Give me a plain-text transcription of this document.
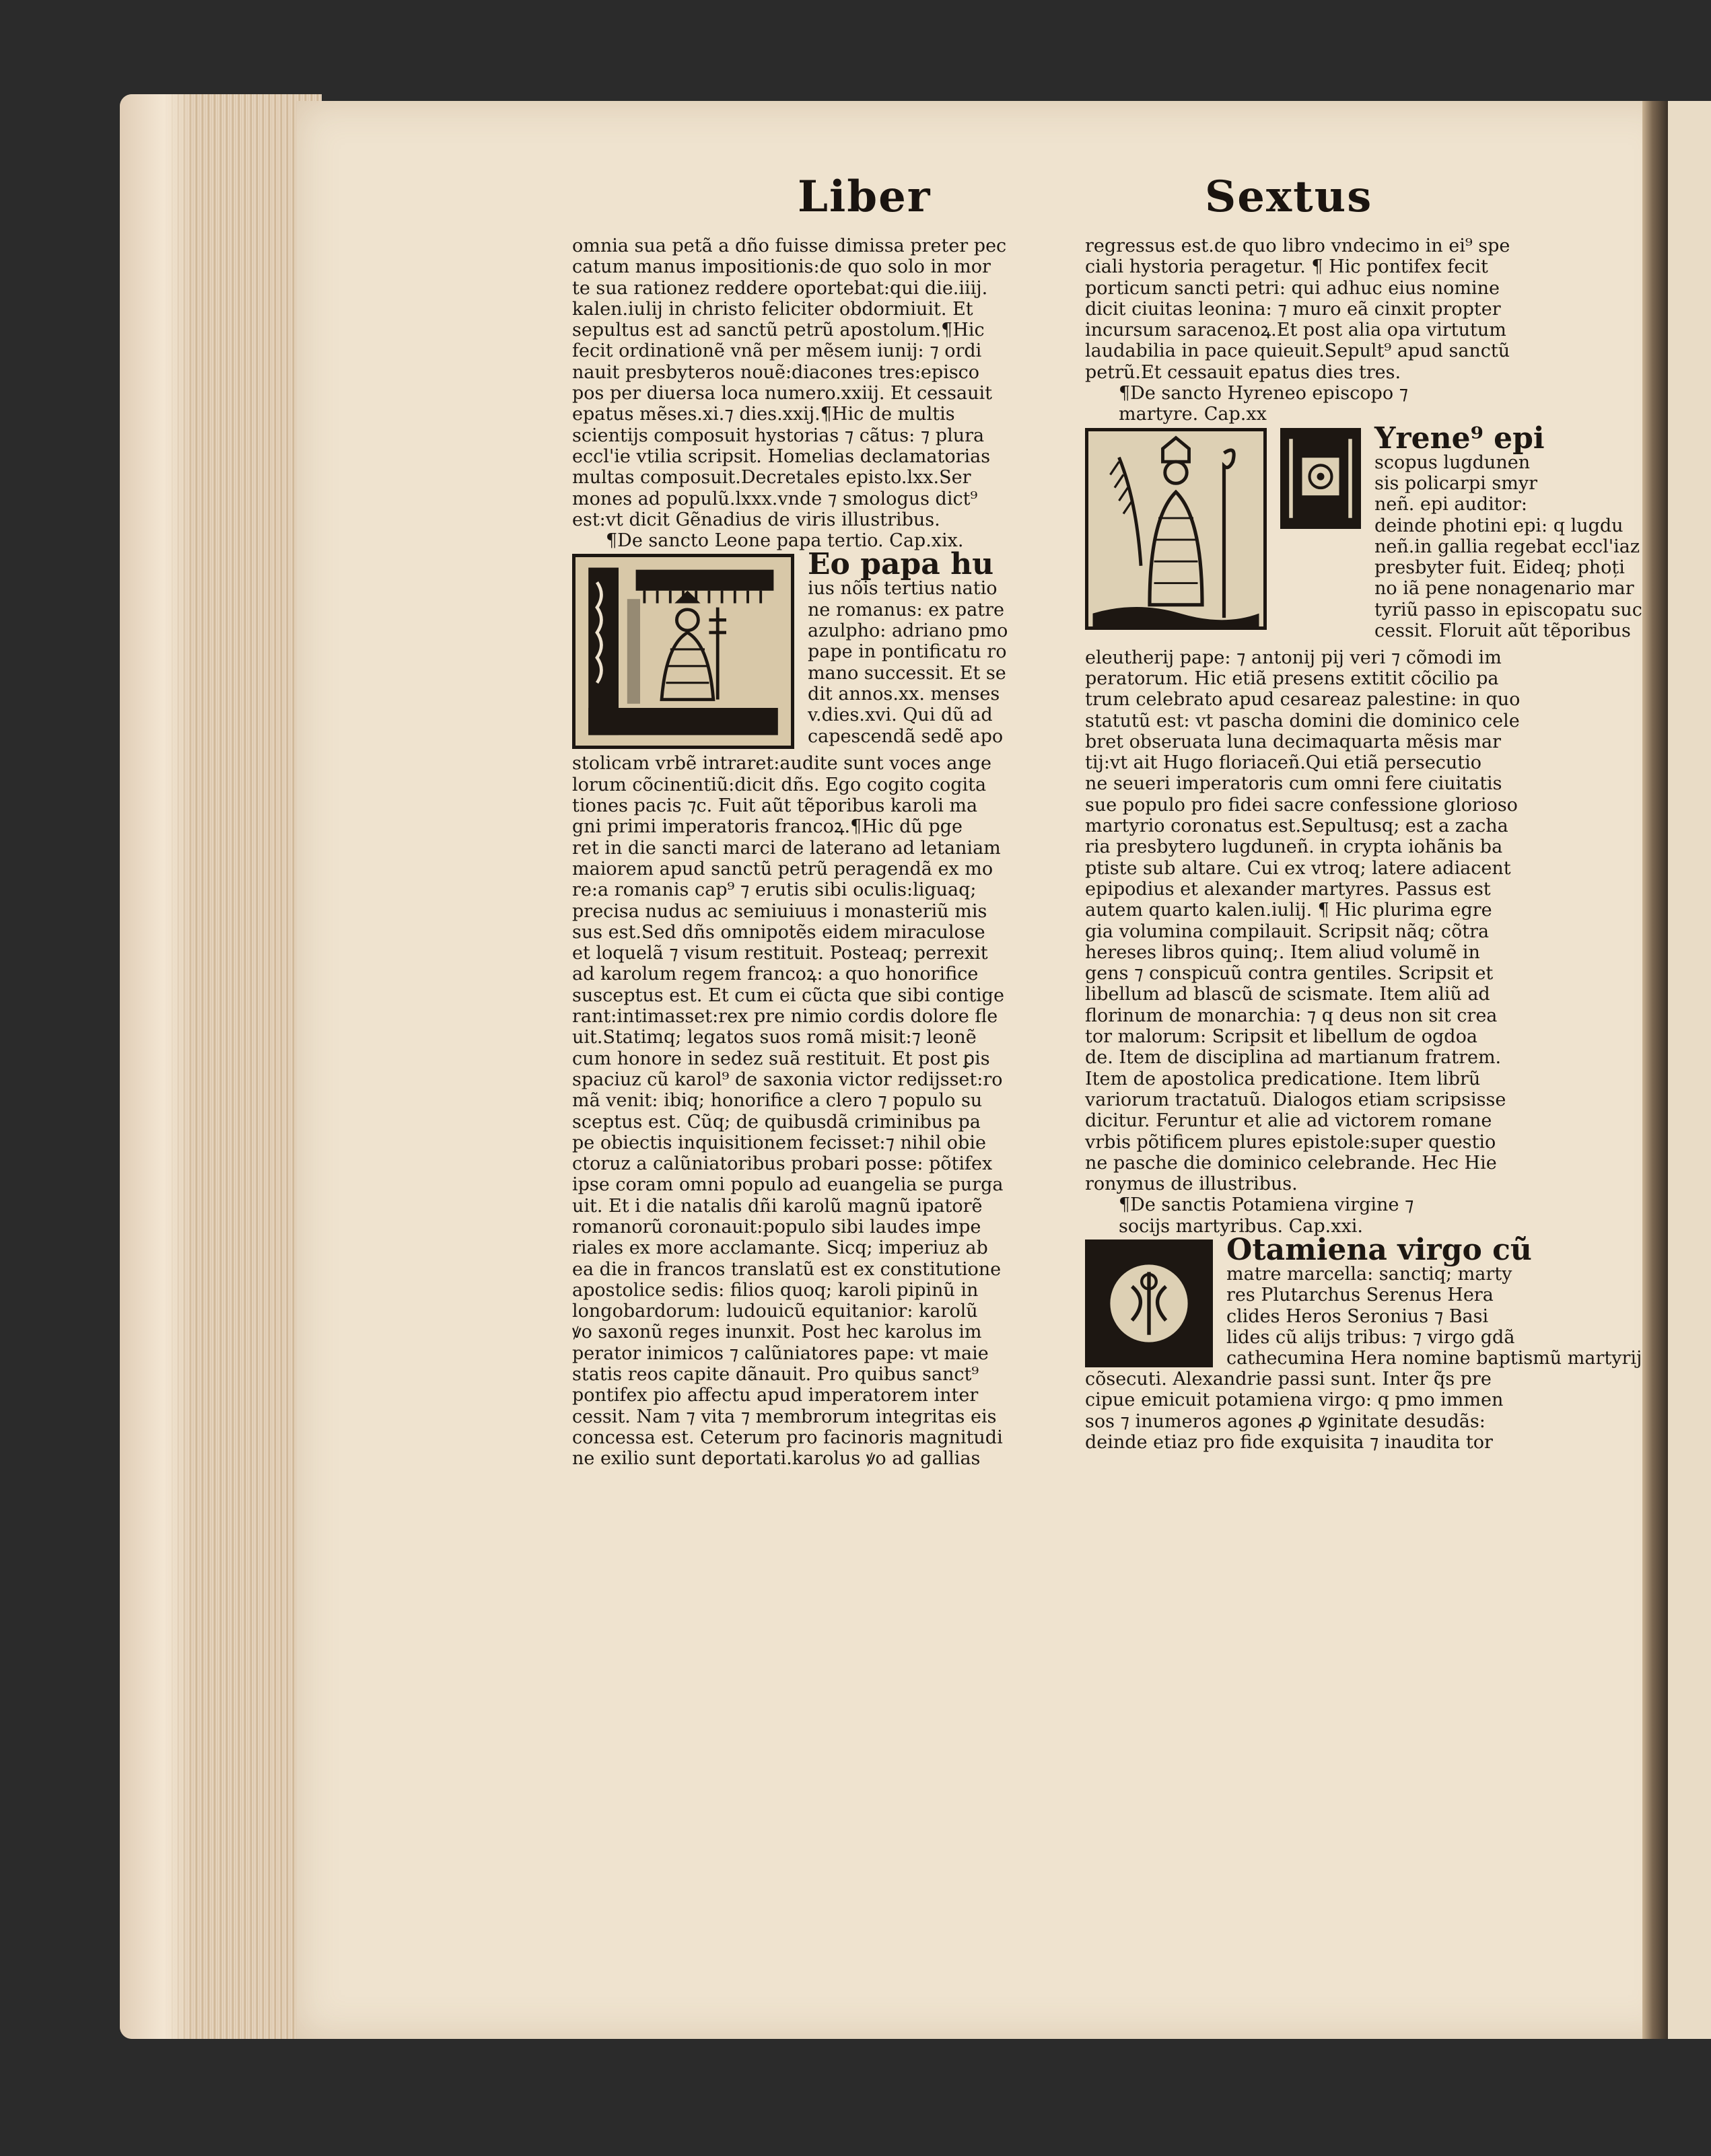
Liber	Sextus
omnia sua petã a dño fuisse dimissa preter pec
catum manus impositionis:de quo solo in mor
te sua rationez reddere oportebat:qui die.iiij.
kalen.iulij in christo feliciter obdormiuit. Et
sepultus est ad sanctũ petrũ apostolum.¶Hic
fecit ordinationẽ vnã per mẽsem iunij: ⁊ ordi
nauit presbyteros nouẽ:diacones tres:episco
pos per diuersa loca numero.xxiij. Et cessauit
epatus mẽses.xi.⁊ dies.xxij.¶Hic de multis
scientijs composuit hystorias ⁊ cãtus: ⁊ plura
eccl'ie vtilia scripsit. Homelias declamatorias
multas composuit.Decretales episto.lxx.Ser
mones ad populũ.lxxx.vnde ⁊ smologus dict⁹
est:vt dicit Gẽnadius de viris illustribus.
¶De sancto Leone papa tertio. Cap.xix.
Eo papa hu
ius nõis tertius natio
ne romanus: ex patre
azulpho: adriano pmo
pape in pontificatu ro
mano successit. Et se
dit annos.xx. menses
v.dies.xvi. Qui dũ ad
capescendã sedẽ apo
stolicam vrbẽ intraret:audite sunt voces ange
lorum cõcinentiũ:dicit dñs. Ego cogito cogita
tiones pacis ⁊c. Fuit aũt tẽporibus karoli ma
gni primi imperatoris francoꝝ.¶Hic dũ pge
ret in die sancti marci de laterano ad letaniam
maiorem apud sanctũ petrũ peragendã ex mo
re:a romanis cap⁹ ⁊ erutis sibi oculis:liguaq;
precisa nudus ac semiuiuus i monasteriũ mis
sus est.Sed dñs omnipotẽs eidem miraculose
et loquelã ⁊ visum restituit. Posteaq; perrexit
ad karolum regem francoꝝ: a quo honorifice
susceptus est. Et cum ei cũcta que sibi contige
rant:intimasset:rex pre nimio cordis dolore fle
uit.Statimq; legatos suos romã misit:⁊ leonẽ
cum honore in sedez suã restituit. Et post ꝑis
spaciuz cũ karol⁹ de saxonia victor redijsset:ro
mã venit: ibiq; honorifice a clero ⁊ populo su
sceptus est. Cũq; de quibusdã criminibus pa
pe obiectis inquisitionem fecisset:⁊ nihil obie
ctoruz a calũniatoribus probari posse: põtifex
ipse coram omni populo ad euangelia se purga
uit. Et i die natalis dñi karolũ magnũ ipatorẽ
romanorũ coronauit:populo sibi laudes impe
riales ex more acclamante. Sicq; imperiuz ab
ea die in francos translatũ est ex constitutione
apostolice sedis: filios quoq; karoli pipinũ in
longobardorum: ludouicũ equitanior: karolũ
ꝟo saxonũ reges inunxit. Post hec karolus im
perator inimicos ⁊ calũniatores pape: vt maie
statis reos capite dãnauit. Pro quibus sanct⁹
pontifex pio affectu apud imperatorem inter
cessit. Nam ⁊ vita ⁊ membrorum integritas eis
concessa est. Ceterum pro facinoris magnitudi
ne exilio sunt deportati.karolus ꝟo ad gallias
regressus est.de quo libro vndecimo in ei⁹ spe
ciali hystoria peragetur. ¶ Hic pontifex fecit
porticum sancti petri: qui adhuc eius nomine
dicit ciuitas leonina: ⁊ muro eã cinxit propter
incursum saracenoꝝ.Et post alia opa virtutum
laudabilia in pace quieuit.Sepult⁹ apud sanctũ
petrũ.Et cessauit epatus dies tres.
¶De sancto Hyreneo episcopo ⁊
martyre. Cap.xx
Yrene⁹ epi
scopus lugdunen
sis policarpi smyr
neñ. epi auditor:
deinde photini epi: q lugdu
neñ.in gallia regebat eccl'iaz
presbyter fuit. Eideq; phoți
no iã pene nonagenario mar
tyriũ passo in episcopatu suc
cessit. Floruit aũt tẽporibus
eleutherij pape: ⁊ antonij pij veri ⁊ cõmodi im
peratorum. Hic etiã presens extitit cõcilio pa
trum celebrato apud cesareaz palestine: in quo
statutũ est: vt pascha domini die dominico cele
bret obseruata luna decimaquarta mẽsis mar
tij:vt ait Hugo floriaceñ.Qui etiã persecutio
ne seueri imperatoris cum omni fere ciuitatis
sue populo pro fidei sacre confessione glorioso
martyrio coronatus est.Sepultusq; est a zacha
ria presbytero lugduneñ. in crypta iohãnis ba
ptiste sub altare. Cui ex vtroq; latere adiacent
epipodius et alexander martyres. Passus est
autem quarto kalen.iulij. ¶ Hic plurima egre
gia volumina compilauit. Scripsit nãq; cõtra
hereses libros quinq;. Item aliud volumẽ in
gens ⁊ conspicuũ contra gentiles. Scripsit et
libellum ad blascũ de scismate. Item aliũ ad
florinum de monarchia: ⁊ q deus non sit crea
tor malorum: Scripsit et libellum de ogdoa
de. Item de disciplina ad martianum fratrem.
Item de apostolica predicatione. Item librũ
variorum tractatuũ. Dialogos etiam scripsisse
dicitur. Feruntur et alie ad victorem romane
vrbis põtificem plures epistole:super questio
ne pasche die dominico celebrande. Hec Hie
ronymus de illustribus.
¶De sanctis Potamiena virgine ⁊
socijs martyribus. Cap.xxi.
Otamiena virgo cũ
matre marcella: sanctiq; marty
res Plutarchus Serenus Hera
clides Heros Seronius ⁊ Basi
lides cũ alijs tribus: ⁊ virgo gdã
cathecumina Hera nomine baptismũ martyrij
cõsecuti. Alexandrie passi sunt. Inter q̃s pre
cipue emicuit potamiena virgo: q pmo immen
sos ⁊ inumeros agones ꝓ ꝟginitate desudãs:
deinde etiaz pro fide exquisita ⁊ inaudita tor
